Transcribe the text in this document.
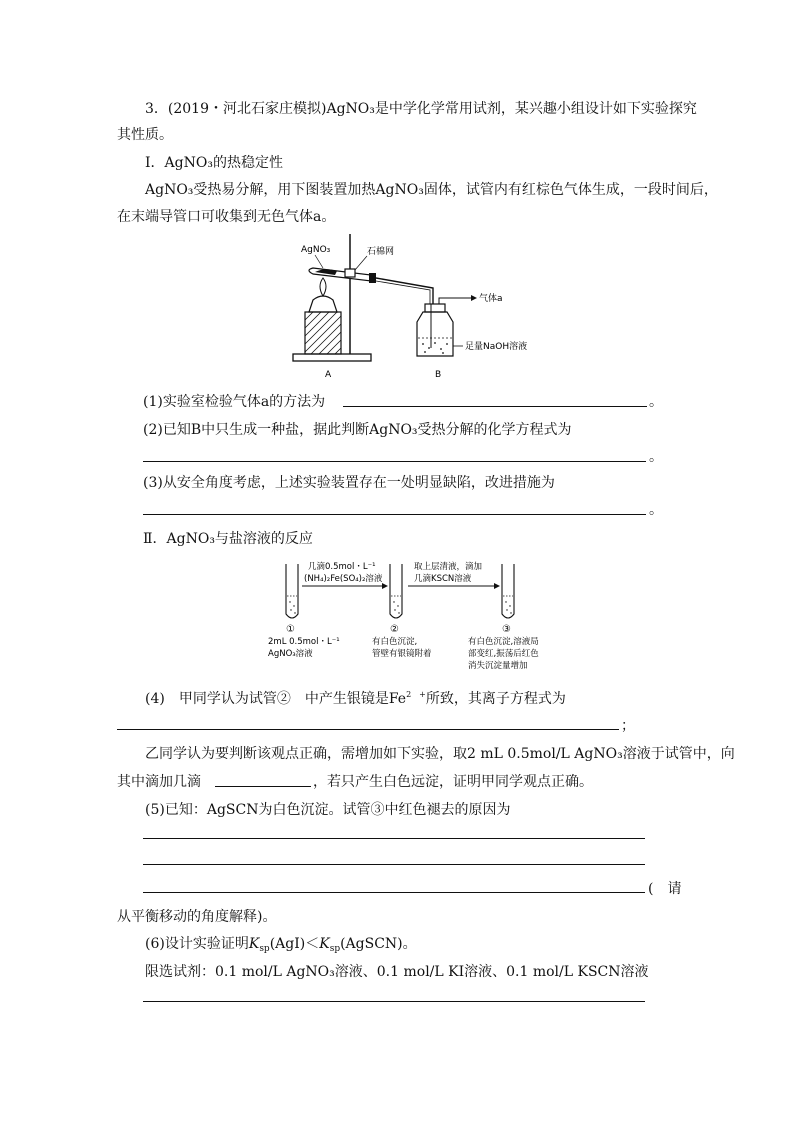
3．(2019・河北石家庄模拟)AgNO₃是中学化学常用试剂，某兴趣小组设计如下实验探究
其性质。
Ⅰ．AgNO₃的热稳定性
AgNO₃受热易分解，用下图装置加热AgNO₃固体，试管内有红棕色气体生成，一段时间后，
在末端导管口可收集到无色气体a。
AgNO₃	石棉网
气体a
足量NaOH溶液
A	B
(1)实验室检验气体a的方法为	。
(2)已知B中只生成一种盐，据此判断AgNO₃受热分解的化学方程式为
。
(3)从安全角度考虑，上述实验装置存在一处明显缺陷，改进措施为
。
Ⅱ．AgNO₃与盐溶液的反应
几滴0.5mol・L⁻¹
(NH₄)₂Fe(SO₄)₂溶液
取上层清液，滴加
几滴KSCN溶液
①	②	③
2mL 0.5mol・L⁻¹
AgNO₃溶液
有白色沉淀,
管壁有银镜附着
有白色沉淀,溶液局
部变红,振荡后红色
消失沉淀量增加
(4)　甲同学认为试管②　中产生银镜是$Fe^{2 +}$所致，其离子方程式为
；
乙同学认为要判断该观点正确，需增加如下实验，取2 mL 0.5mol/L AgNO₃溶液于试管中，向
其中滴加几滴	，若只产生白色远淀，证明甲同学观点正确。
(5)已知：AgSCN为白色沉淀。试管③中红色褪去的原因为
(　请
从平衡移动的角度解释)。
(6)设计实验证明$K_{sp}(AgI)<K_{sp}(AgSCN)$。
限选试剂：0.1 mol/L AgNO₃溶液、0.1 mol/L KI溶液、0.1 mol/L KSCN溶液
